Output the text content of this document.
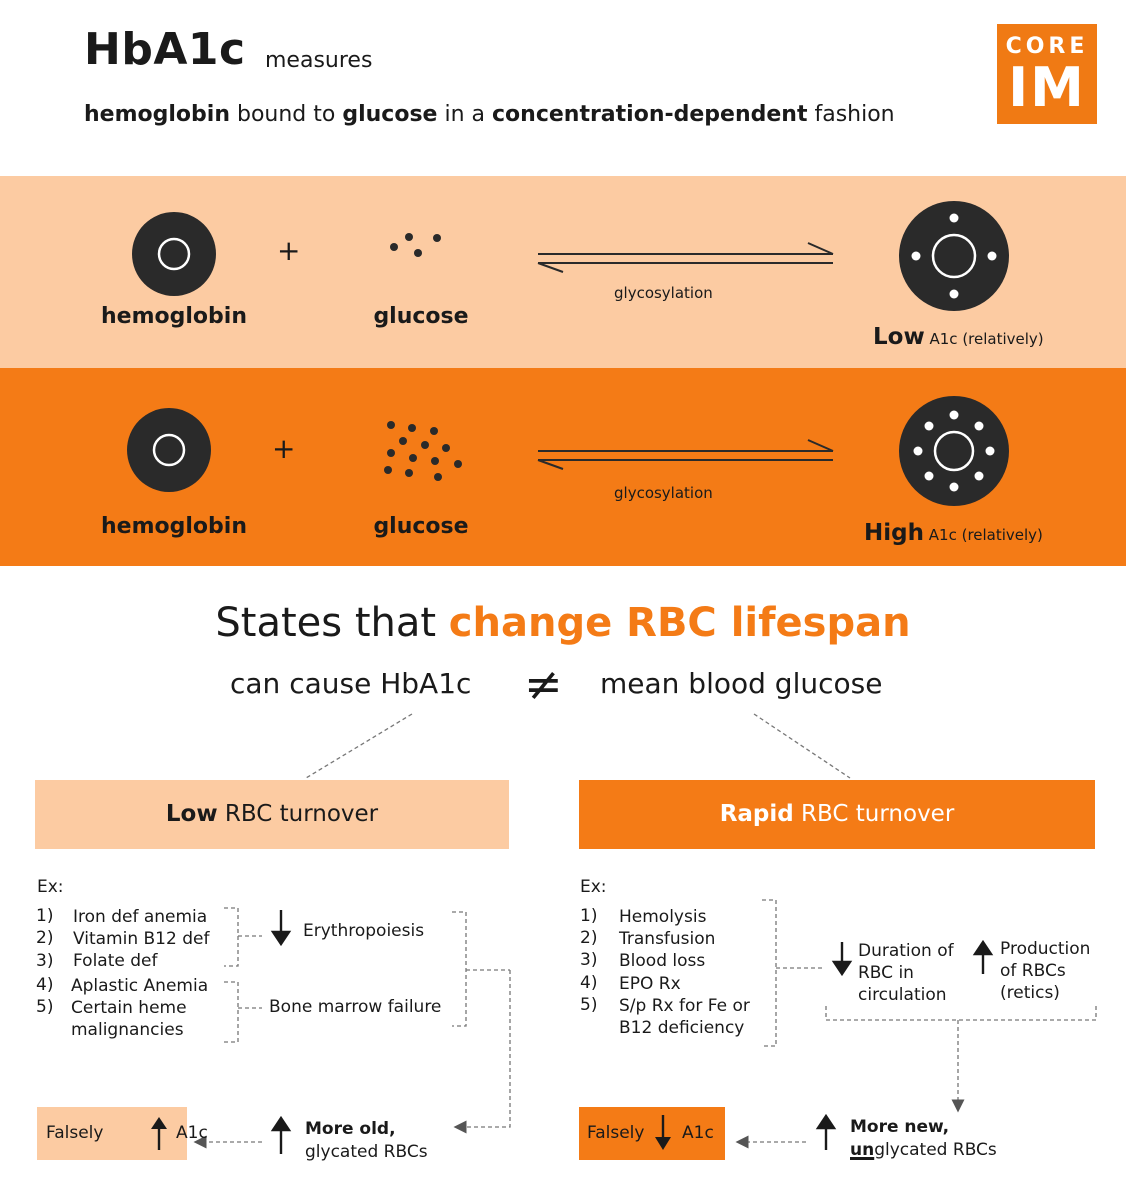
HbA1c measures
hemoglobin bound to glucose in a concentration-dependent fashion
CORE
IM
+
hemoglobin	glucose
glycosylation
Low A1c (relatively)
+
hemoglobin	glucose
glycosylation
High A1c (relatively)
States that change RBC lifespan
can cause HbA1c ≠ mean blood glucose
Low RBC turnover
Ex:
1) Iron def anemia
2) Vitamin B12 def
3) Folate def
4) Aplastic Anemia
5) Certain heme
malignancies
Erythropoiesis
Bone marrow failure
More old,
glycated RBCs
Falsely	A1c
Rapid RBC turnover
Ex:
1) Hemolysis
2) Transfusion
3) Blood loss
4) EPO Rx
5) S/p Rx for Fe or
B12 deficiency
Duration of
RBC in
circulation
Production
of RBCs
(retics)
More new,
unglycated RBCs
Falsely A1c
